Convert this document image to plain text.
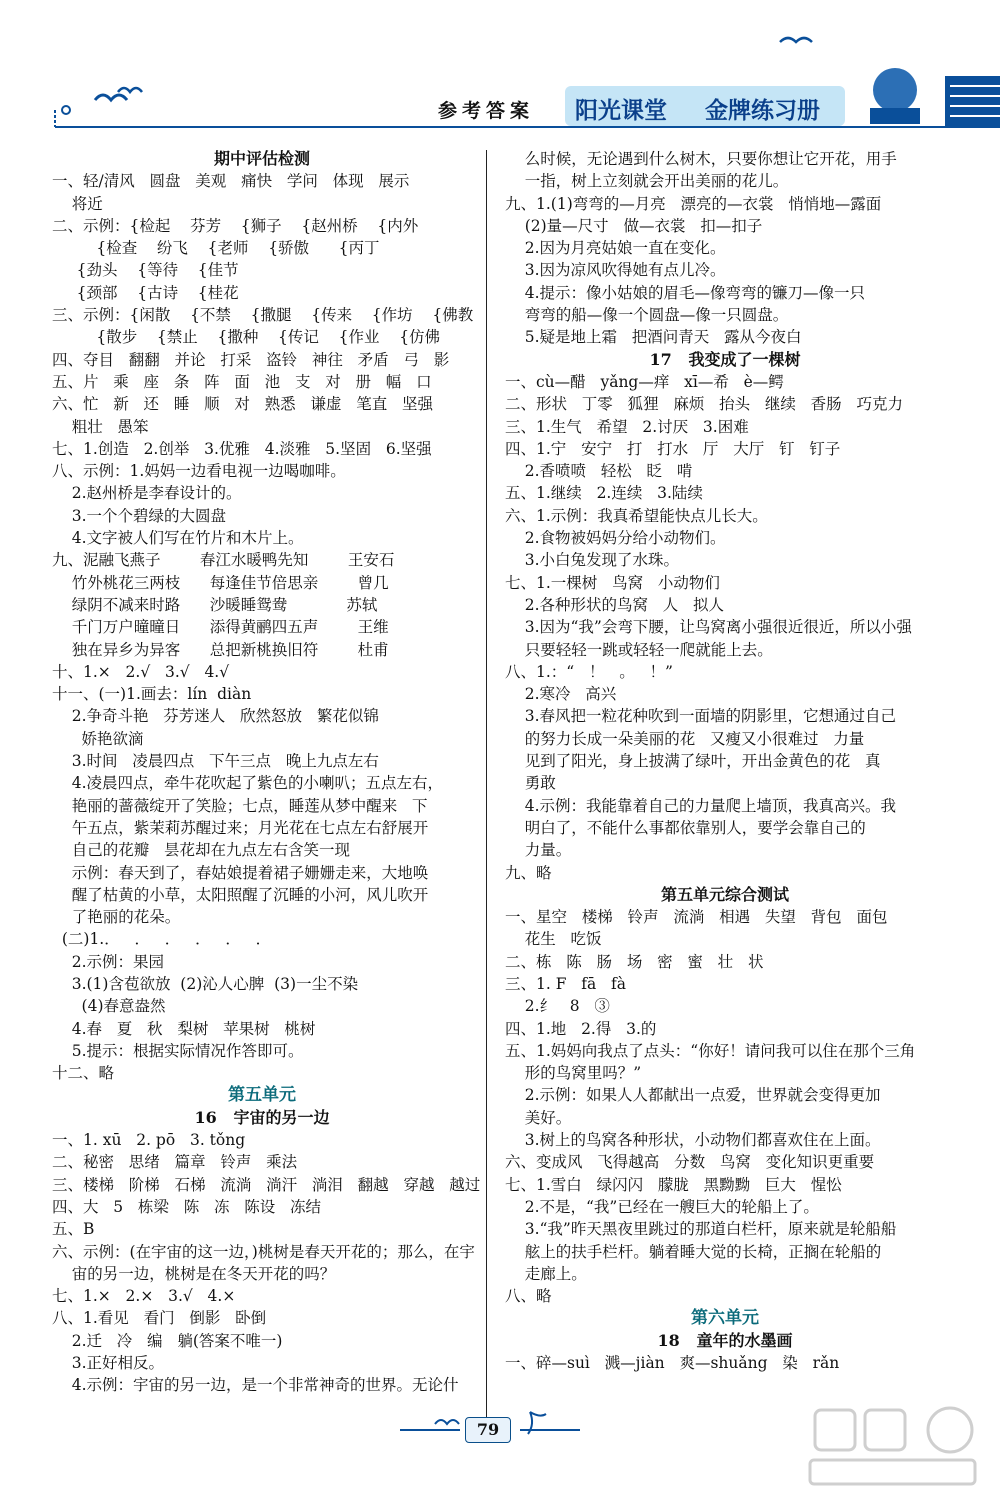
参考答案 阳光课堂 金牌练习册
期中评估检测
一、轻/清风   圆盘   美观   痛快   学问   体现   展示
将近
二、示例：{检起    芬芳    {狮子    {赵州桥    {内外
{检查    纷飞    {老师    {骄傲      {丙丁
{劲头    {等待    {佳节
{颈部    {古诗    {桂花
三、示例：{闲散    {不禁    {撒腿    {传来    {作坊    {佛教
{散步    {禁止    {撒种    {传记    {作业    {仿佛
四、夺目   翻翻   并论   打采   盗铃   神往   矛盾   弓   影
五、片   乘   座   条   阵   面   池   支   对   册   幅   口
六、忙   新   还   睡   顺   对   熟悉   谦虚   笔直   坚强
粗壮   愚笨
七、1.创造   2.创举   3.优雅   4.淡雅   5.坚固   6.坚强
八、示例：1.妈妈一边看电视一边喝咖啡。
2.赵州桥是李春设计的。
3.一个个碧绿的大圆盘
4.文字被人们写在竹片和木片上。
九、泥融飞燕子        春江水暖鸭先知        王安石
竹外桃花三两枝      每逢佳节倍思亲        曾几
绿阴不减来时路      沙暖睡鸳鸯            苏轼
千门万户曈曈日      添得黄鹂四五声        王维
独在异乡为异客      总把新桃换旧符        杜甫
十、1.×   2.√   3.√   4.√
十一、(一)1.画去：lín  diàn
2.争奇斗艳   芬芳迷人   欣然怒放   繁花似锦
娇艳欲滴
3.时间   凌晨四点   下午三点   晚上九点左右
4.凌晨四点，牵牛花吹起了紫色的小喇叭；五点左右，
艳丽的蔷薇绽开了笑脸；七点，睡莲从梦中醒来   下
午五点，紫茉莉苏醒过来；月光花在七点左右舒展开
自己的花瓣   昙花却在九点左右含笑一现
示例：春天到了，春姑娘提着裙子姗姗走来，大地唤
醒了枯黄的小草，太阳照醒了沉睡的小河，风儿吹开
了艳丽的花朵。
(二)1.．   ．   ．   ．   ．   ．
2.示例：果园
3.(1)含苞欲放  (2)沁人心脾  (3)一尘不染
(4)春意盎然
4.春   夏   秋   梨树   苹果树   桃树
5.提示：根据实际情况作答即可。
十二、略
第五单元
16   宇宙的另一边
一、1. xū   2. pō   3. tǒng
二、秘密   思绪   篇章   铃声   乘法
三、楼梯   阶梯   石梯   流淌   淌汗   淌泪   翻越   穿越   越过
四、大   5   栋梁   陈   冻   陈设   冻结
五、B
六、示例：(在宇宙的这一边，)桃树是春天开花的；那么，在宇
宙的另一边，桃树是在冬天开花的吗？
七、1.×   2.×   3.√   4.×
八、1.看见   看门   倒影   卧倒
2.迁   冷   编   躺(答案不唯一)
3.正好相反。
4.示例：宇宙的另一边，是一个非常神奇的世界。无论什
么时候，无论遇到什么树木，只要你想让它开花，用手
一指，树上立刻就会开出美丽的花儿。
九、1.(1)弯弯的—月亮   漂亮的—衣裳   悄悄地—露面
(2)量—尺寸   做—衣裳   扣—扣子
2.因为月亮姑娘一直在变化。
3.因为凉风吹得她有点儿冷。
4.提示：像小姑娘的眉毛—像弯弯的镰刀—像一只
弯弯的船—像一个圆盘—像一只圆盘。
5.疑是地上霜   把酒问青天   露从今夜白
17   我变成了一棵树
一、cù—醋   yǎng—痒   xī—希   è—鳄
二、形状   丁零   狐狸   麻烦   抬头   继续   香肠   巧克力
三、1.生气   希望   2.讨厌   3.困难
四、1.宁   安宁   打   打水   厅   大厅   钉   钉子
2.香喷喷   轻松   眨   啃
五、1.继续   2.连续   3.陆续
六、1.示例：我真希望能快点儿长大。
2.食物被妈妈分给小动物们。
3.小白兔发现了水珠。
七、1.一棵树   鸟窝   小动物们
2.各种形状的鸟窝   人   拟人
3.因为“我”会弯下腰，让鸟窝离小强很近很近，所以小强
只要轻轻一跳或轻轻一爬就能上去。
八、1.：“   ！   。   ！”
2.寒冷   高兴
3.春风把一粒花种吹到一面墙的阴影里，它想通过自己
的努力长成一朵美丽的花   又瘦又小很难过   力量
见到了阳光，身上披满了绿叶，开出金黄色的花   真
勇敢
4.示例：我能靠着自己的力量爬上墙顶，我真高兴。我
明白了，不能什么事都依靠别人，要学会靠自己的
力量。
九、略
第五单元综合测试
一、星空   楼梯   铃声   流淌   相遇   失望   背包   面包
花生   吃饭
二、栋   陈   肠   场   密   蜜   壮   状
三、1. F   fā   fà
2.纟   8   ③
四、1.地   2.得   3.的
五、1.妈妈向我点了点头：“你好！请问我可以住在那个三角
形的鸟窝里吗？”
2.示例：如果人人都献出一点爱，世界就会变得更加
美好。
3.树上的鸟窝各种形状，小动物们都喜欢住在上面。
六、变成风   飞得越高   分数   鸟窝   变化知识更重要
七、1.雪白   绿闪闪   朦胧   黑黝黝   巨大   惺忪
2.不是，“我”已经在一艘巨大的轮船上了。
3.“我”昨天黑夜里跳过的那道白栏杆，原来就是轮船船
舷上的扶手栏杆。躺着睡大觉的长椅，正搁在轮船的
走廊上。
八、略
第六单元
18   童年的水墨画
一、碎—suì   溅—jiàn   爽—shuǎng   染   rǎn
79
